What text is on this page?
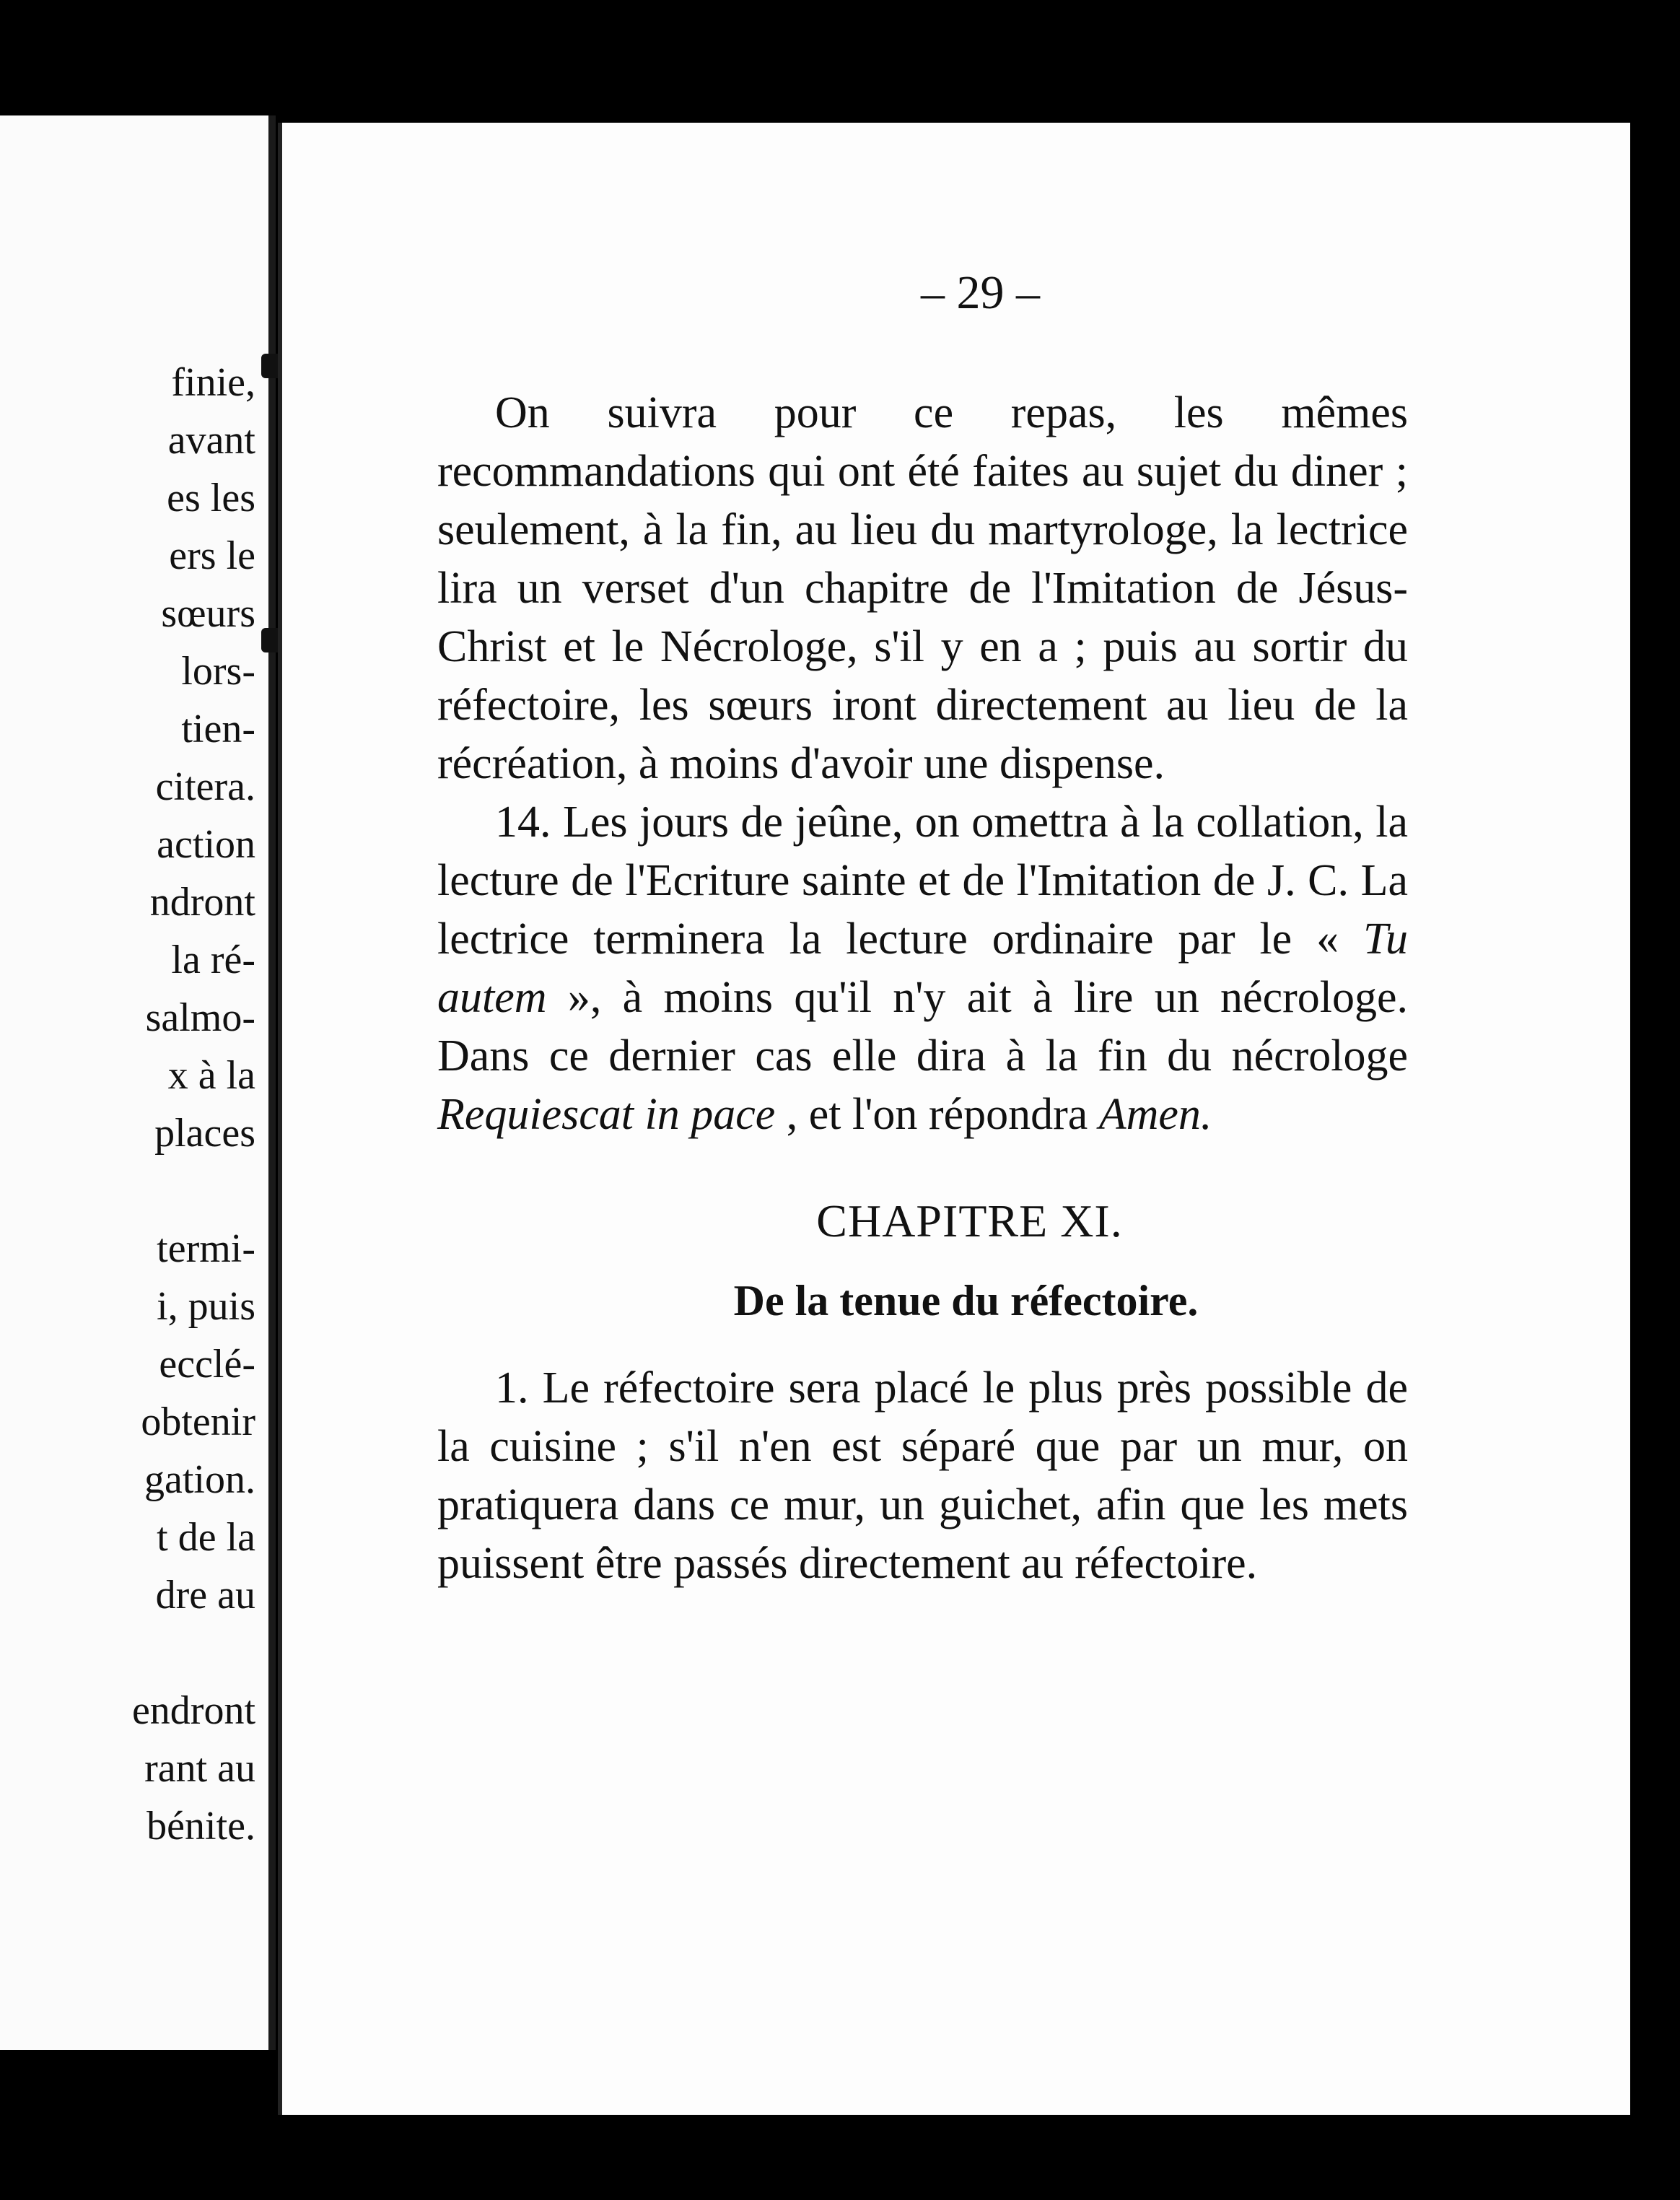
finie,
avant
es les
ers le
sœurs
lors-
tien-
citera.
action
ndront
la ré-
salmo-
x à la
places
termi-
i, puis
ecclé-
obtenir
gation.
t de la
dre au
endront
rant au
bénite.

– 29 –

On suivra pour ce repas, les mêmes recommandations qui ont été faites au sujet du diner ; seulement, à la fin, au lieu du martyrologe, la lectrice lira un verset d'un chapitre de l'Imitation de Jésus-Christ et le Nécrologe, s'il y en a ; puis au sortir du réfectoire, les sœurs iront directement au lieu de la récréation, à moins d'avoir une dispense.

14. Les jours de jeûne, on omettra à la collation, la lecture de l'Ecriture sainte et de l'Imitation de J. C. La lectrice terminera la lecture ordinaire par le « Tu autem », à moins qu'il n'y ait à lire un nécrologe. Dans ce dernier cas elle dira à la fin du nécrologe Requiescat in pace , et l'on répondra Amen.

CHAPITRE XI.

De la tenue du réfectoire.

1. Le réfectoire sera placé le plus près possible de la cuisine ; s'il n'en est séparé que par un mur, on pratiquera dans ce mur, un guichet, afin que les mets puissent être passés directement au réfectoire.
